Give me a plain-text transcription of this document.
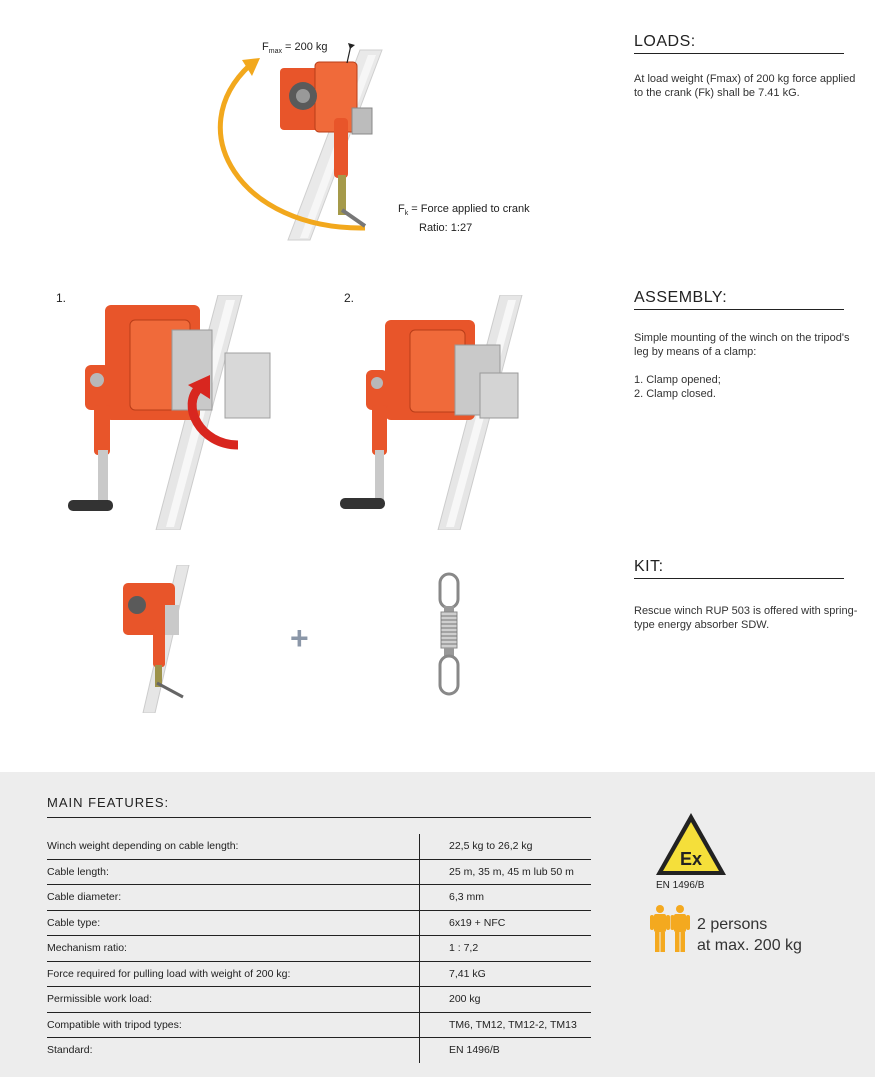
$F_{max} = 200$ kg
$F_k$ = Force applied to crank
Ratio: 1:27
LOADS:

At load weight (Fmax) of 200 kg force applied to the crank (Fk) shall be 7.41 kG.

1.	2.	ASSEMBLY:

Simple mounting of the winch on the tripod's leg by means of a clamp:

1. Clamp opened;
2. Clamp closed.
+
KIT:

Rescue winch RUP 503 is offered with spring-type energy absorber SDW.

MAIN FEATURES:
Winch weight depending on cable length:	22,5 kg to 26,2 kg
Cable length:	25 m, 35 m, 45 m lub 50 m
Cable diameter:	6,3 mm
Cable type:	6x19 + NFC
Mechanism ratio:	1 : 7,2
Force required for pulling load with weight of 200 kg:	7,41 kG
Permissible work load:	200 kg
Compatible with tripod types:	TM6, TM12, TM12-2, TM13
Standard:	EN 1496/B
Ex
EN 1496/B
2 persons
at max. 200 kg
